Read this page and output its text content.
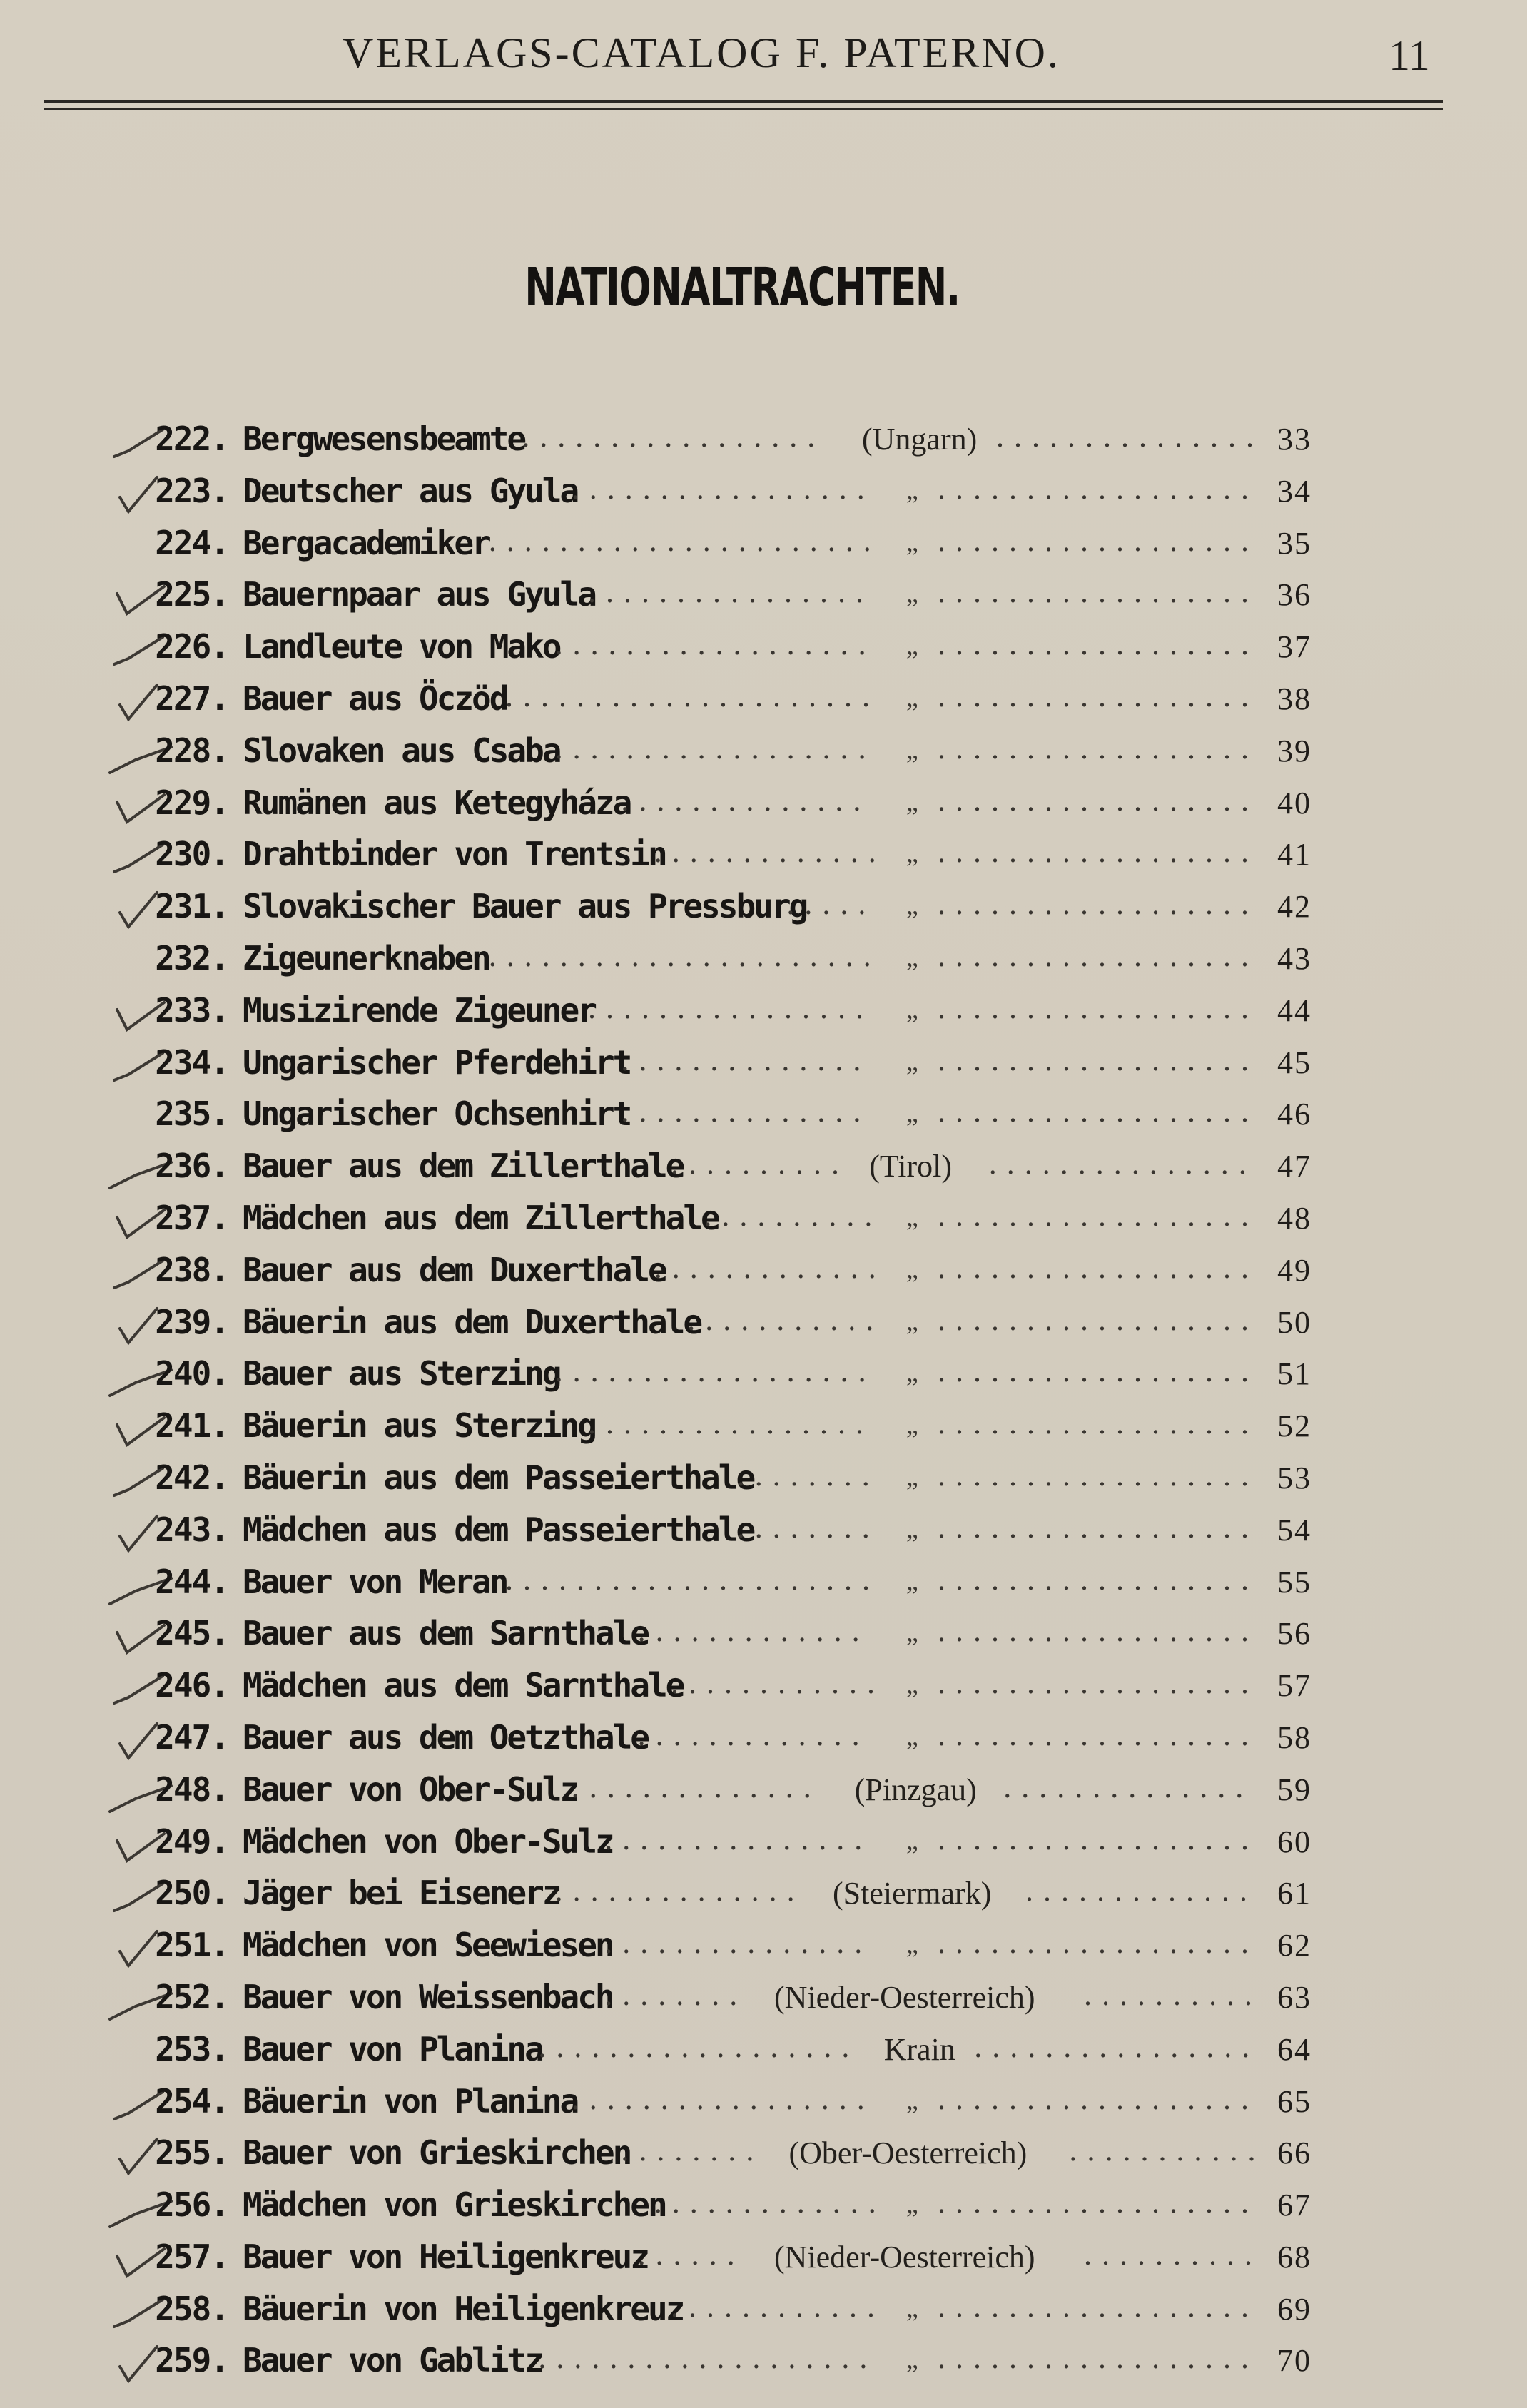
VERLAGS-CATALOG F. PATERNO.	11
NATIONALTRACHTEN.
222. Bergwesensbeamte
................. (Ungarn) ............... 33
223. Deutscher aus Gyula
................. „ .................. 34
224. Bergacademiker ...................... „ .................. 35
225. Bauernpaar aus Gyula
................ „ .................. 36
226. Landleute von Mako
.................. „ .................. 37
227. Bauer aus Öczöd
..................... „ .................. 38
228. Slovaken aus Csaba
.................. „ .................. 39
229. Rumänen aus Ketegyháza
.............. „ .................. 40
230. Drahtbinder von Trentsin
............. „ .................. 41
231. Slovakischer Bauer aus Pressburg
..... „ .................. 42
232. Zigeunerknaben ...................... „ .................. 43
233. Musizirende Zigeuner
................ „ .................. 44
234. Ungarischer Pferdehirt
.............. „ .................. 45
235. Ungarischer Ochsenhirt
.............. „ .................. 46
236. Bauer aus dem Zillerthale
.......... (Tirol) ............... 47
237. Mädchen aus dem Zillerthale
.......... „ .................. 48
238. Bauer aus dem Duxerthale
............. „ .................. 49
239. Bäuerin aus dem Duxerthale
........... „ .................. 50
240. Bauer aus Sterzing
.................. „ .................. 51
241. Bäuerin aus Sterzing
................ „ .................. 52
242. Bäuerin aus dem Passeierthale
........ „ .................. 53
243. Mädchen aus dem Passeierthale
........ „ .................. 54
244. Bauer von Meran
..................... „ .................. 55
245. Bauer aus dem Sarnthale
............. „ .................. 56
246. Mädchen aus dem Sarnthale
............ „ .................. 57
247. Bauer aus dem Oetzthale
............. „ .................. 58
248. Bauer von Ober-Sulz
.............. (Pinzgau) .............. 59
249. Mädchen von Ober-Sulz
............... „ .................. 60
250. Jäger bei Eisenerz
.............. (Steiermark) ............. 61
251. Mädchen von Seewiesen
............... „ .................. 62
252. Bauer von Weissenbach
........ (Nieder-Oesterreich) .......... 63
253. Bauer von Planina
.................. Krain ................ 64
254. Bäuerin von Planina
................. „ .................. 65
255. Bauer von Grieskirchen
........ (Ober-Oesterreich) ........... 66
256. Mädchen von Grieskirchen
............. „ .................. 67
257. Bauer von Heiligenkreuz
...... (Nieder-Oesterreich) .......... 68
258. Bäuerin von Heiligenkreuz
............ „ .................. 69
259. Bauer von Gablitz
................... „ .................. 70
